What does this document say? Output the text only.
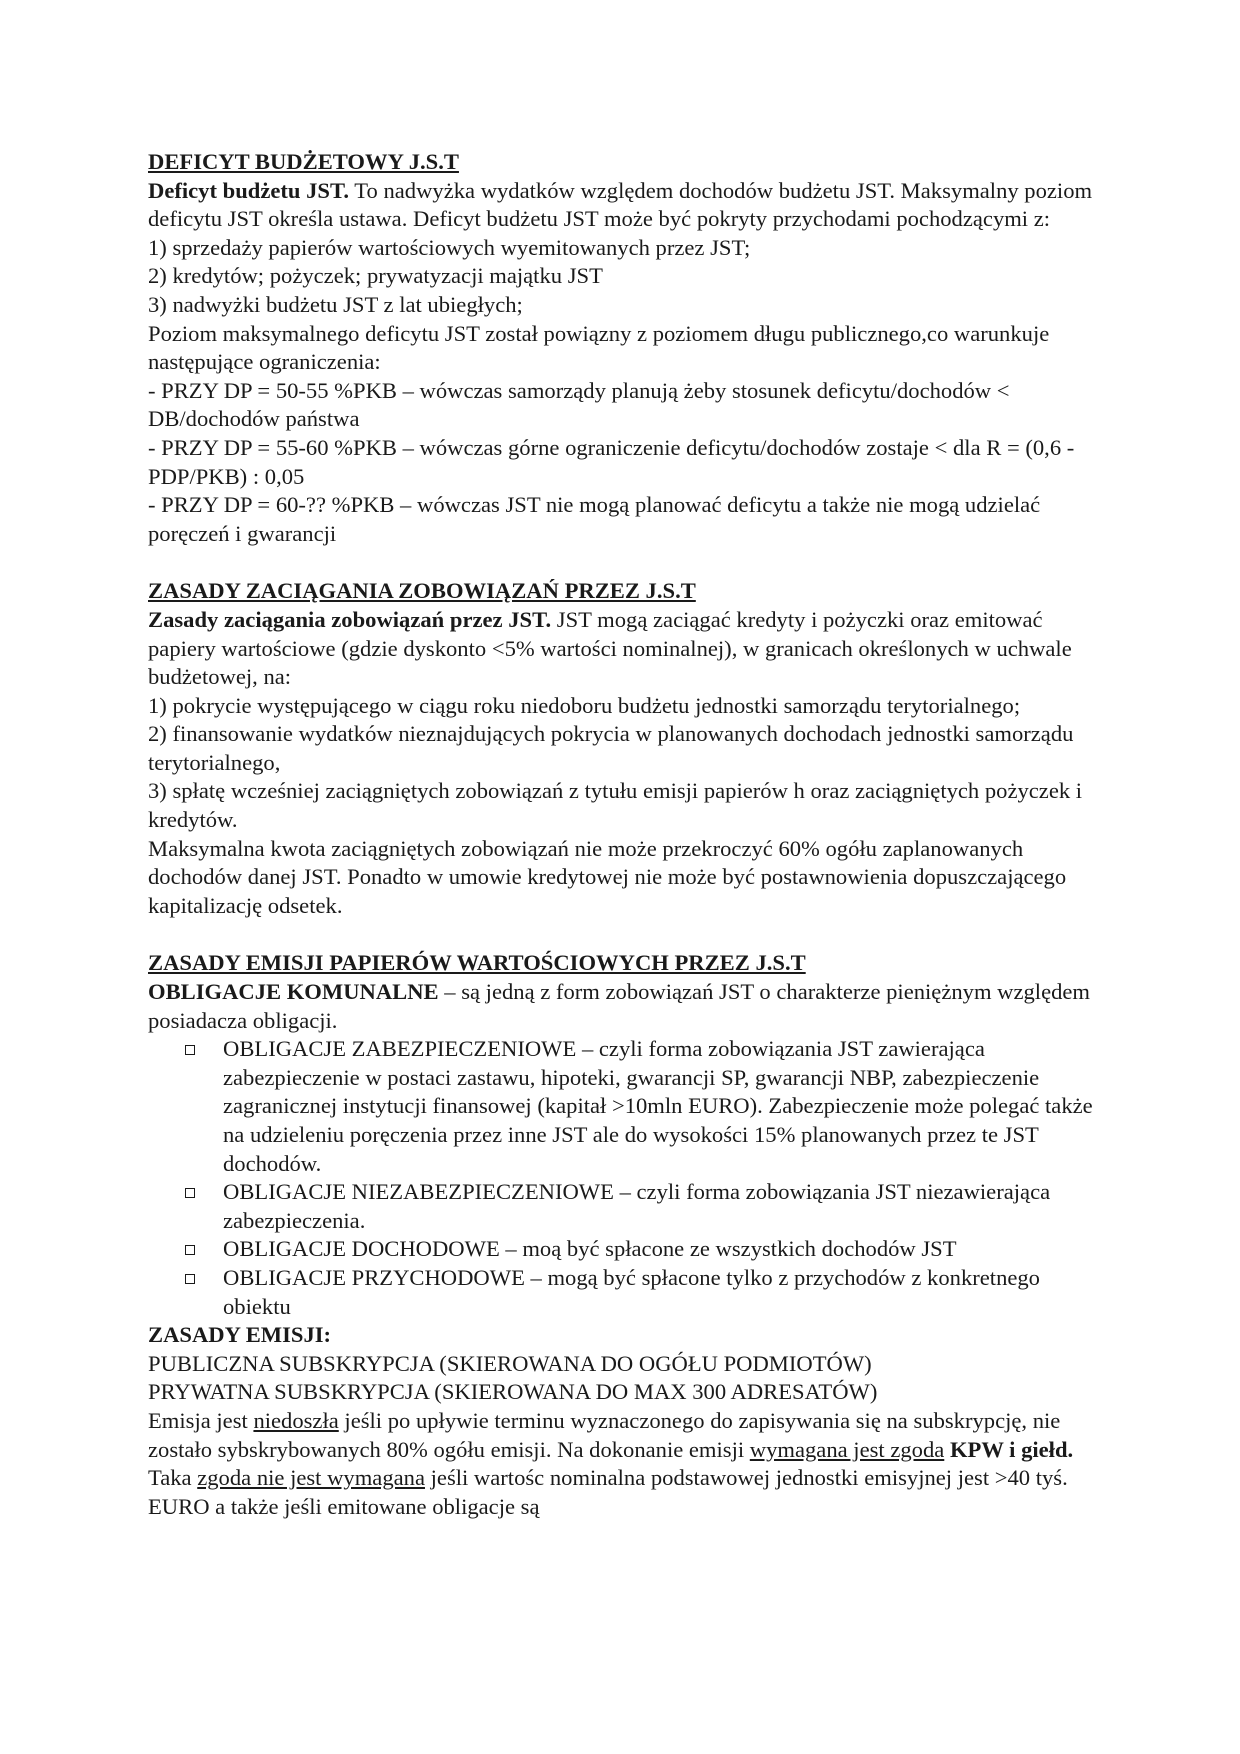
DEFICYT BUDŻETOWY J.S.T

Deficyt budżetu JST. To nadwyżka wydatków względem dochodów budżetu JST. Maksymalny poziom deficytu JST określa ustawa. Deficyt budżetu JST może być pokryty przychodami pochodzącymi z:

1) sprzedaży papierów wartościowych wyemitowanych przez JST;

2) kredytów; pożyczek; prywatyzacji majątku JST

3) nadwyżki budżetu JST z lat ubiegłych;

Poziom maksymalnego deficytu JST został powiązny z poziomem długu publicznego,co warunkuje następujące ograniczenia:

- PRZY DP = 50-55 %PKB – wówczas samorządy planują żeby stosunek deficytu/dochodów < DB/dochodów państwa

- PRZY DP = 55-60 %PKB – wówczas górne ograniczenie deficytu/dochodów zostaje < dla R = (0,6 - PDP/PKB) : 0,05

- PRZY DP = 60-?? %PKB – wówczas JST nie mogą planować deficytu a także nie mogą udzielać poręczeń i gwarancji

ZASADY ZACIĄGANIA ZOBOWIĄZAŃ PRZEZ J.S.T

Zasady zaciągania zobowiązań przez JST. JST mogą zaciągać kredyty i pożyczki oraz emitować papiery wartościowe (gdzie dyskonto <5% wartości nominalnej), w granicach określonych w uchwale budżetowej, na:

1) pokrycie występującego w ciągu roku niedoboru budżetu jednostki samorządu terytorialnego;

2) finansowanie wydatków nieznajdujących pokrycia w planowanych dochodach jednostki samorządu terytorialnego,

3) spłatę wcześniej zaciągniętych zobowiązań z tytułu emisji papierów h oraz zaciągniętych pożyczek i kredytów.

Maksymalna kwota zaciągniętych zobowiązań nie może przekroczyć 60% ogółu zaplanowanych dochodów danej JST. Ponadto w umowie kredytowej nie może być postawnowienia dopuszczającego kapitalizację odsetek.

ZASADY EMISJI PAPIERÓW WARTOŚCIOWYCH PRZEZ J.S.T

OBLIGACJE KOMUNALNE – są jedną z form zobowiązań JST o charakterze pieniężnym względem posiadacza obligacji.

OBLIGACJE ZABEZPIECZENIOWE – czyli forma zobowiązania JST zawierająca zabezpieczenie w postaci zastawu, hipoteki, gwarancji SP, gwarancji NBP, zabezpieczenie zagranicznej instytucji finansowej (kapitał >10mln EURO). Zabezpieczenie może polegać także na udzieleniu poręczenia przez inne JST ale do wysokości 15% planowanych przez te JST dochodów.
OBLIGACJE NIEZABEZPIECZENIOWE – czyli forma zobowiązania JST niezawierająca zabezpieczenia.
OBLIGACJE DOCHODOWE – moą być spłacone ze wszystkich dochodów JST
OBLIGACJE PRZYCHODOWE – mogą być spłacone tylko z przychodów z konkretnego obiektu

ZASADY EMISJI:

PUBLICZNA SUBSKRYPCJA (SKIEROWANA DO OGÓŁU PODMIOTÓW)

PRYWATNA SUBSKRYPCJA (SKIEROWANA DO MAX 300 ADRESATÓW)

Emisja jest niedoszła jeśli po upływie terminu wyznaczonego do zapisywania się na subskrypcję, nie zostało sybskrybowanych 80% ogółu emisji. Na dokonanie emisji wymagana jest zgoda KPW i giełd. Taka zgoda nie jest wymagana jeśli wartośc nominalna podstawowej jednostki emisyjnej jest >40 tyś. EURO a także jeśli emitowane obligacje są
